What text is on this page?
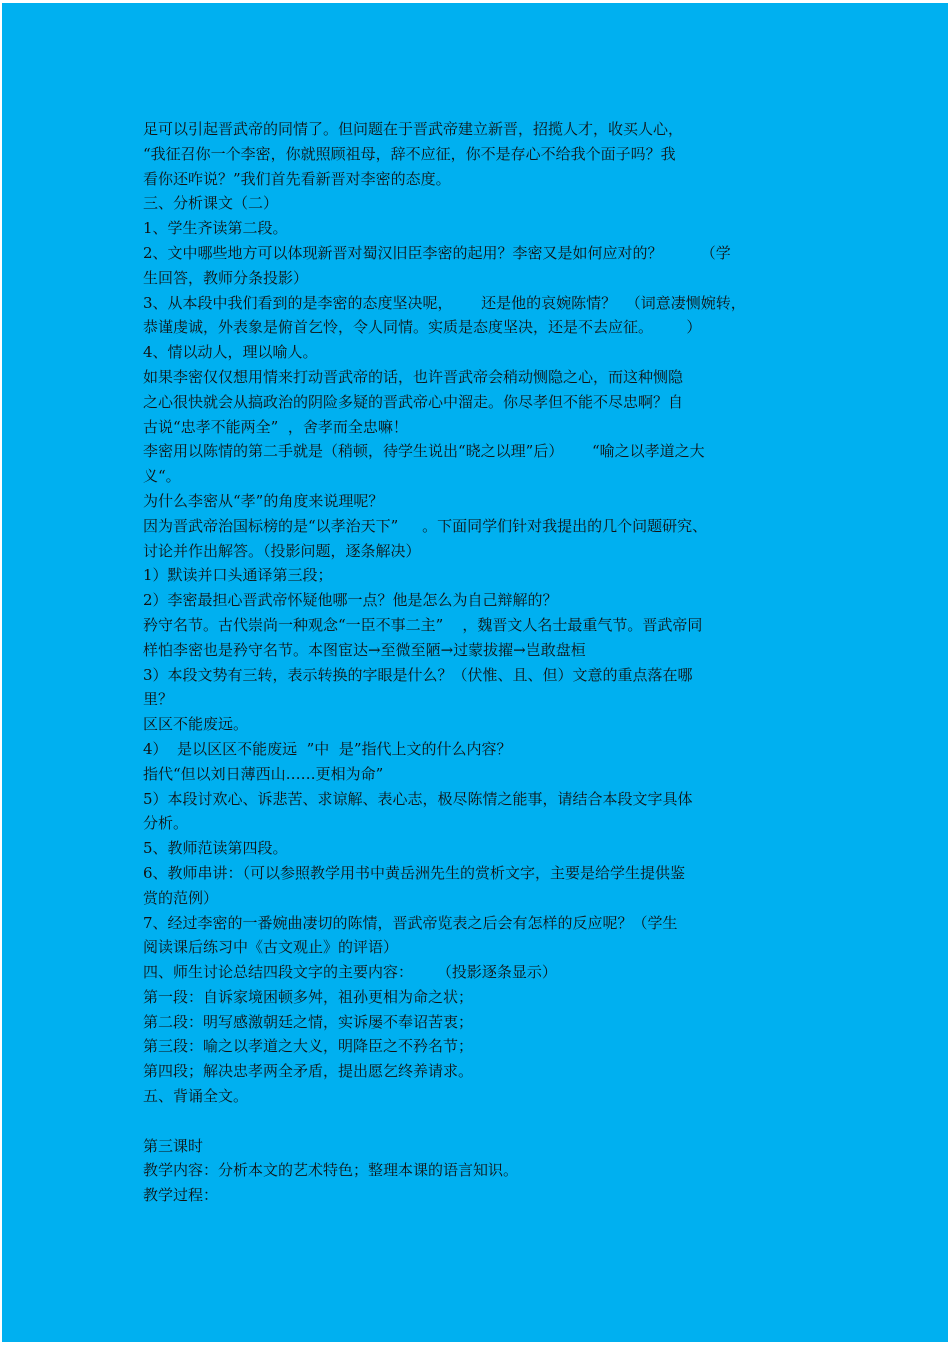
足可以引起晋武帝的同情了。但问题在于晋武帝建立新晋，招揽人才，收买人心，
“我征召你一个李密，你就照顾祖母，辞不应征，你不是存心不给我个面子吗？我
看你还咋说？”我们首先看新晋对李密的态度。
三、分析课文（二）
1、学生齐读第二段。
2、文中哪些地方可以体现新晋对蜀汉旧臣李密的起用？李密又是如何应对的？        （学
生回答，教师分条投影）
3、从本段中我们看到的是李密的态度坚决呢，      还是他的哀婉陈情？  （词意凄恻婉转，
恭谨虔诚，外表象是俯首乞怜，令人同情。实质是态度坚决，还是不去应征。       ）
4、情以动人，理以喻人。
如果李密仅仅想用情来打动晋武帝的话，也许晋武帝会稍动恻隐之心，而这种恻隐
之心很快就会从搞政治的阴险多疑的晋武帝心中溜走。你尽孝但不能不尽忠啊？自
古说“忠孝不能两全”  ，舍孝而全忠嘛！
李密用以陈情的第二手就是（稍顿，待学生说出“晓之以理”后）      “喻之以孝道之大
义“。
为什么李密从“孝”的角度来说理呢？
因为晋武帝治国标榜的是“以孝治天下”     。下面同学们针对我提出的几个问题研究、
讨论并作出解答。（投影问题，逐条解决）
1）默读并口头通译第三段；
2）李密最担心晋武帝怀疑他哪一点？他是怎么为自己辩解的？
矜守名节。古代崇尚一种观念“一臣不事二主”    ，魏晋文人名士最重气节。晋武帝同
样怕李密也是矜守名节。本图宦达→至微至陋→过蒙拔擢→岂敢盘桓
3）本段文势有三转，表示转换的字眼是什么？（伏惟、且、但）文意的重点落在哪
里？
区区不能废远。
4）  是以区区不能废远  ”中  是”指代上文的什么内容？
指代“但以刘日薄西山……更相为命”
5）本段讨欢心、诉悲苦、求谅解、表心志，极尽陈情之能事，请结合本段文字具体
分析。
5、教师范读第四段。
6、教师串讲：（可以参照教学用书中黄岳洲先生的赏析文字，主要是给学生提供鉴
赏的范例）
7、经过李密的一番婉曲凄切的陈情，晋武帝览表之后会有怎样的反应呢？（学生
阅读课后练习中《古文观止》的评语）
四、师生讨论总结四段文字的主要内容：     （投影逐条显示）
第一段：自诉家境困顿多舛，祖孙更相为命之状；
第二段：明写感激朝廷之情，实诉屡不奉诏苦衷；
第三段：喻之以孝道之大义，明降臣之不矜名节；
第四段；解决忠孝两全矛盾，提出愿乞终养请求。
五、背诵全文。
第三课时
教学内容：分析本文的艺术特色；整理本课的语言知识。
教学过程：
